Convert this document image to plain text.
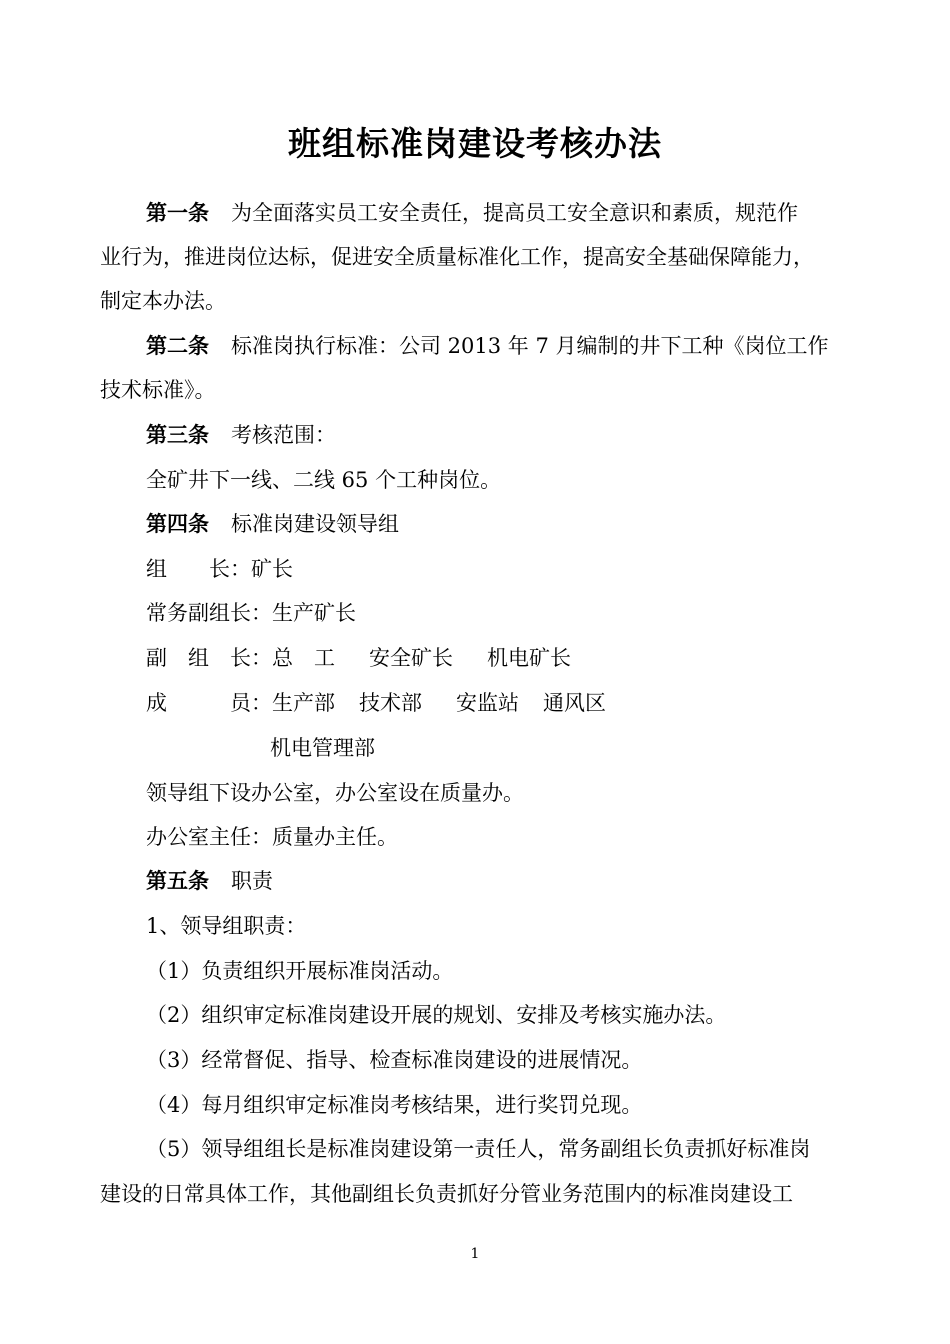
班组标准岗建设考核办法
第一条 为全面落实员工安全责任，提高员工安全意识和素质，规范作
业行为，推进岗位达标，促进安全质量标准化工作，提高安全基础保障能力，
制定本办法。
第二条 标准岗执行标准：公司 2013 年 7 月编制的井下工种《岗位工作
技术标准》。
第三条 考核范围：
全矿井下一线、二线 65 个工种岗位。
第四条 标准岗建设领导组
组　　长：矿长
常务副组长：生产矿长
副　组　长：总　工 安全矿长 机电矿长
成　　　员：生产部 技术部 安监站 通风区
机电管理部
领导组下设办公室，办公室设在质量办。
办公室主任：质量办主任。
第五条 职责
1、领导组职责：
（1）负责组织开展标准岗活动。
（2）组织审定标准岗建设开展的规划、安排及考核实施办法。
（3）经常督促、指导、检查标准岗建设的进展情况。
（4）每月组织审定标准岗考核结果，进行奖罚兑现。
（5）领导组组长是标准岗建设第一责任人，常务副组长负责抓好标准岗
建设的日常具体工作，其他副组长负责抓好分管业务范围内的标准岗建设工
1
